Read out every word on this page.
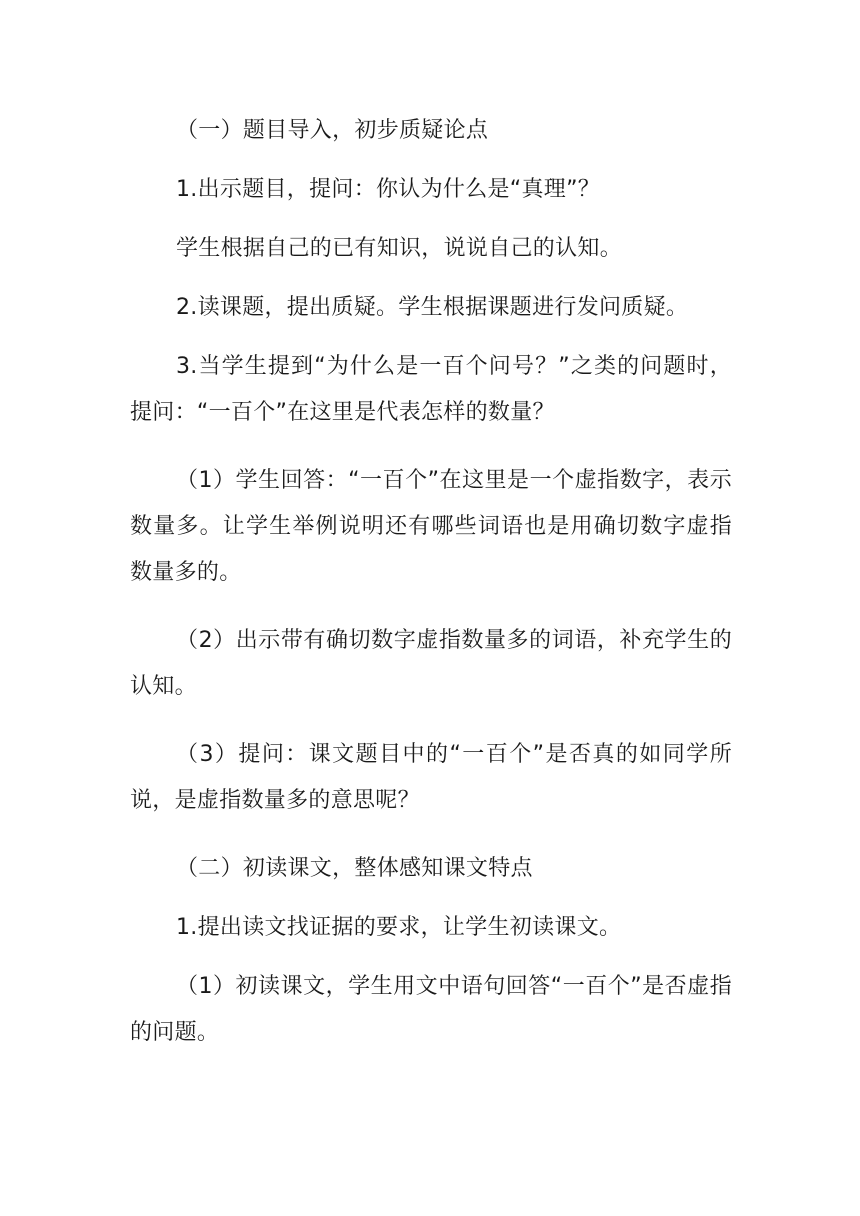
（一）题目导入，初步质疑论点

1.出示题目，提问：你认为什么是“真理”？

学生根据自己的已有知识，说说自己的认知。

2.读课题，提出质疑。学生根据课题进行发问质疑。

3.当学生提到“为什么是一百个问号？”之类的问题时，提问：“一百个”在这里是代表怎样的数量？

（1）学生回答：“一百个”在这里是一个虚指数字，表示数量多。让学生举例说明还有哪些词语也是用确切数字虚指数量多的。

（2）出示带有确切数字虚指数量多的词语，补充学生的认知。

（3）提问：课文题目中的“一百个”是否真的如同学所说，是虚指数量多的意思呢？

（二）初读课文，整体感知课文特点

1.提出读文找证据的要求，让学生初读课文。

（1）初读课文，学生用文中语句回答“一百个”是否虚指的问题。
